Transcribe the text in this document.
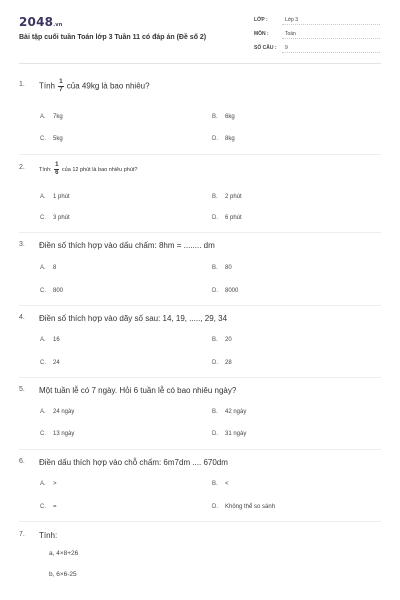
2048.vn
Bài tập cuối tuần Toán lớp 3 Tuần 11 có đáp án (Đề số 2)
LỚP :	Lớp 3
MÔN :	Toán
SỐ CÂU : 9
1. Tính $\frac{1}{7}$ của 49kg là bao nhiêu?
A. 7kg	B. 6kg
C. 5kg	D. 8kg
2.	Tính: $\frac{1}{6}$ của 12 phút là bao nhiêu phút?
A. 1 phút	B. 2 phút
C. 3 phút	D. 6 phút
3. Điền số thích hợp vào dấu chấm: 8hm = ........ dm
A. 8	B. 80
C. 800	D. 8000
4. Điền số thích hợp vào dãy số sau: 14, 19, ....., 29, 34
A. 16	B. 20
C. 24	D. 28
5. Một tuần lễ có 7 ngày. Hỏi 6 tuần lễ có bao nhiêu ngày?
A. 24 ngày	B. 42 ngày
C. 13 ngày	D. 31 ngày
6. Điền dấu thích hợp vào chỗ chấm: 6m7dm .... 670dm
A. >	B. <
C. =	D. Không thể so sánh
7. Tính:
a, 4×8+26
b, 6×6-25
